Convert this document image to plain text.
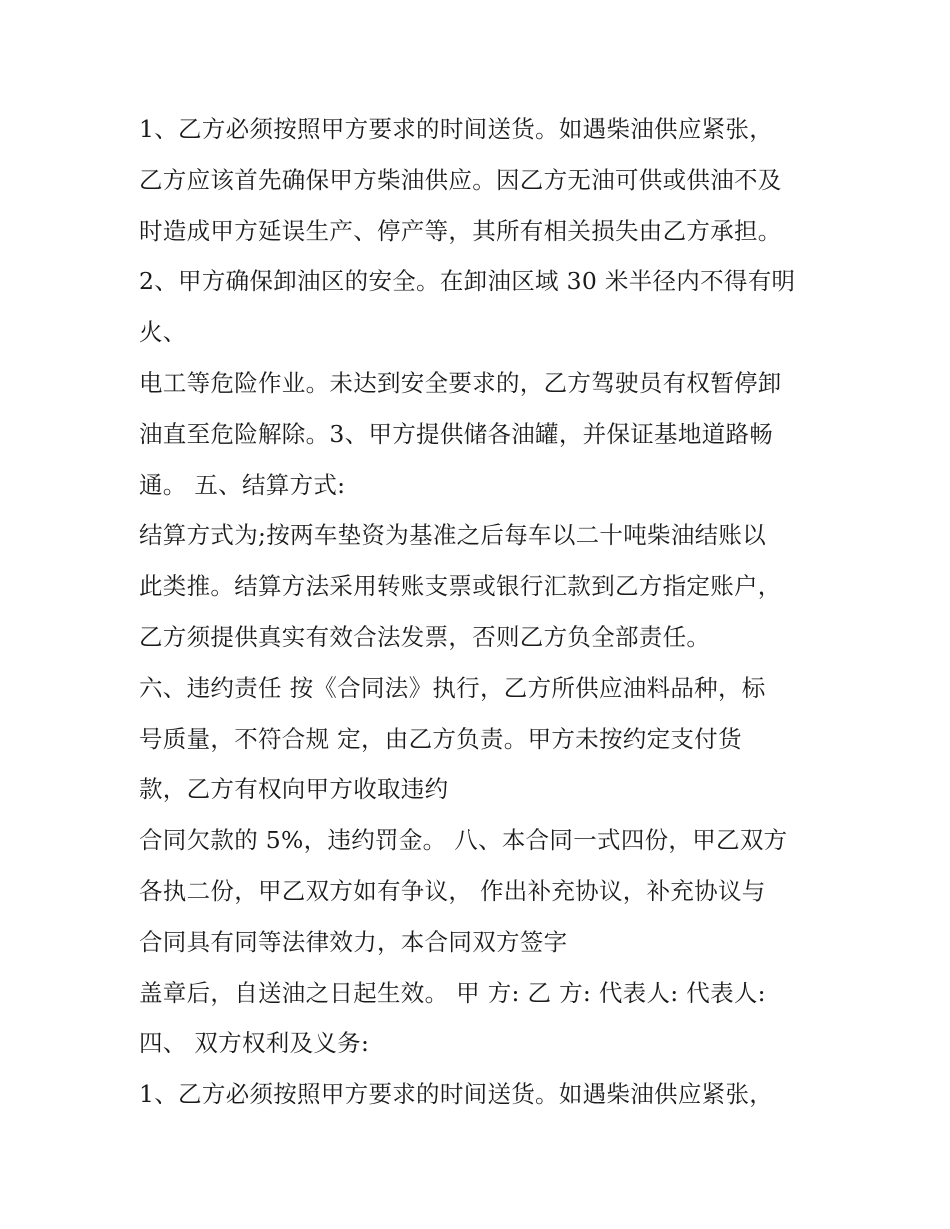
1、乙方必须按照甲方要求的时间送货。如遇柴油供应紧张，
乙方应该首先确保甲方柴油供应。因乙方无油可供或供油不及
时造成甲方延误生产、停产等，其所有相关损失由乙方承担。
2、甲方确保卸油区的安全。在卸油区域 30 米半径内不得有明
火、
电工等危险作业。未达到安全要求的，乙方驾驶员有权暂停卸
油直至危险解除。3、甲方提供储各油罐，并保证基地道路畅
通。 五、结算方式:
结算方式为;按两车垫资为基准之后每车以二十吨柴油结账以
此类推。结算方法采用转账支票或银行汇款到乙方指定账户，
乙方须提供真实有效合法发票，否则乙方负全部责任。
六、违约责任 按《合同法》执行，乙方所供应油料品种，标
号质量，不符合规 定，由乙方负责。甲方未按约定支付货
款，乙方有权向甲方收取违约
合同欠款的 5%，违约罚金。 八、本合同一式四份，甲乙双方
各执二份，甲乙双方如有争议， 作出补充协议，补充协议与
合同具有同等法律效力，本合同双方签字
盖章后，自送油之日起生效。 甲 方: 乙 方: 代表人: 代表人:
四、 双方权利及义务:
1、乙方必须按照甲方要求的时间送货。如遇柴油供应紧张，
